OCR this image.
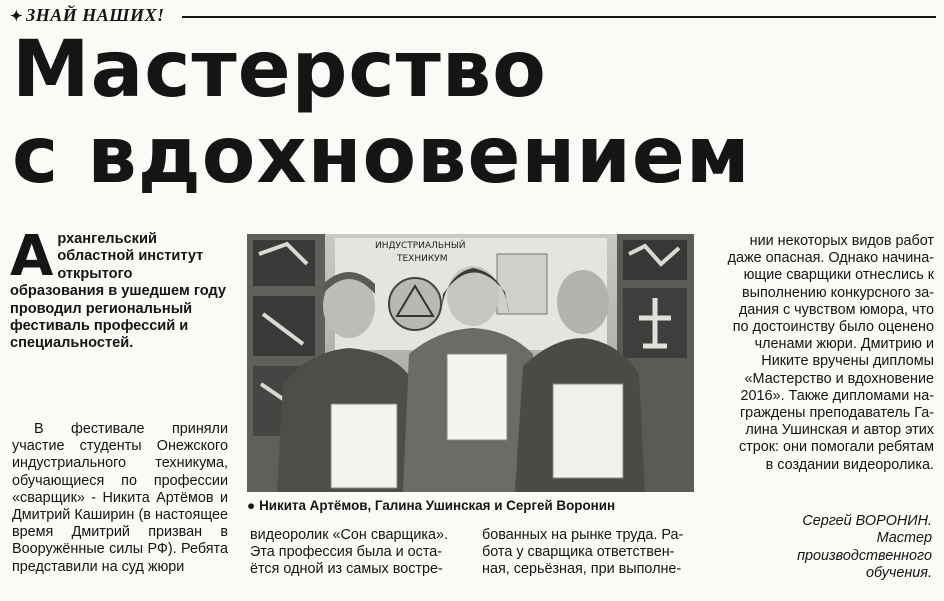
✦ ЗНАЙ НАШИХ!
Мастерство
с вдохновением
Архангельский областной институт открытого образования в ушедшем году проводил региональный фестиваль профессий и специальностей.

В фестивале приняли участие студенты Онежского индустриального техникума, обучающиеся по профессии «сварщик» - Никита Артёмов и Дмитрий Каширин (в настоящее время Дмитрий призван в Вооружённые силы РФ). Ребята представили на суд жюри

ИНДУСТРИАЛЬНЫЙ
ТЕХНИКУМ
● Никита Артёмов, Галина Ушинская и Сергей Воронин
видеоролик «Сон сварщика».
Эта профессия была и оста-
ётся одной из самых востре-
бованных на рынке труда. Ра-
бота у сварщика ответствен-
ная, серьёзная, при выполне-
нии некоторых видов работ
даже опасная. Однако начина-
ющие сварщики отнеслись к
выполнению конкурсного за-
дания с чувством юмора, что
по достоинству было оценено
членами жюри. Дмитрию и
Никите вручены дипломы
«Мастерство и вдохновение
2016». Также дипломами на-
граждены преподаватель Га-
лина Ушинская и автор этих
строк: они помогали ребятам
в создании видеоролика.
Сергей ВОРОНИН.
Мастер
производственного
обучения.
